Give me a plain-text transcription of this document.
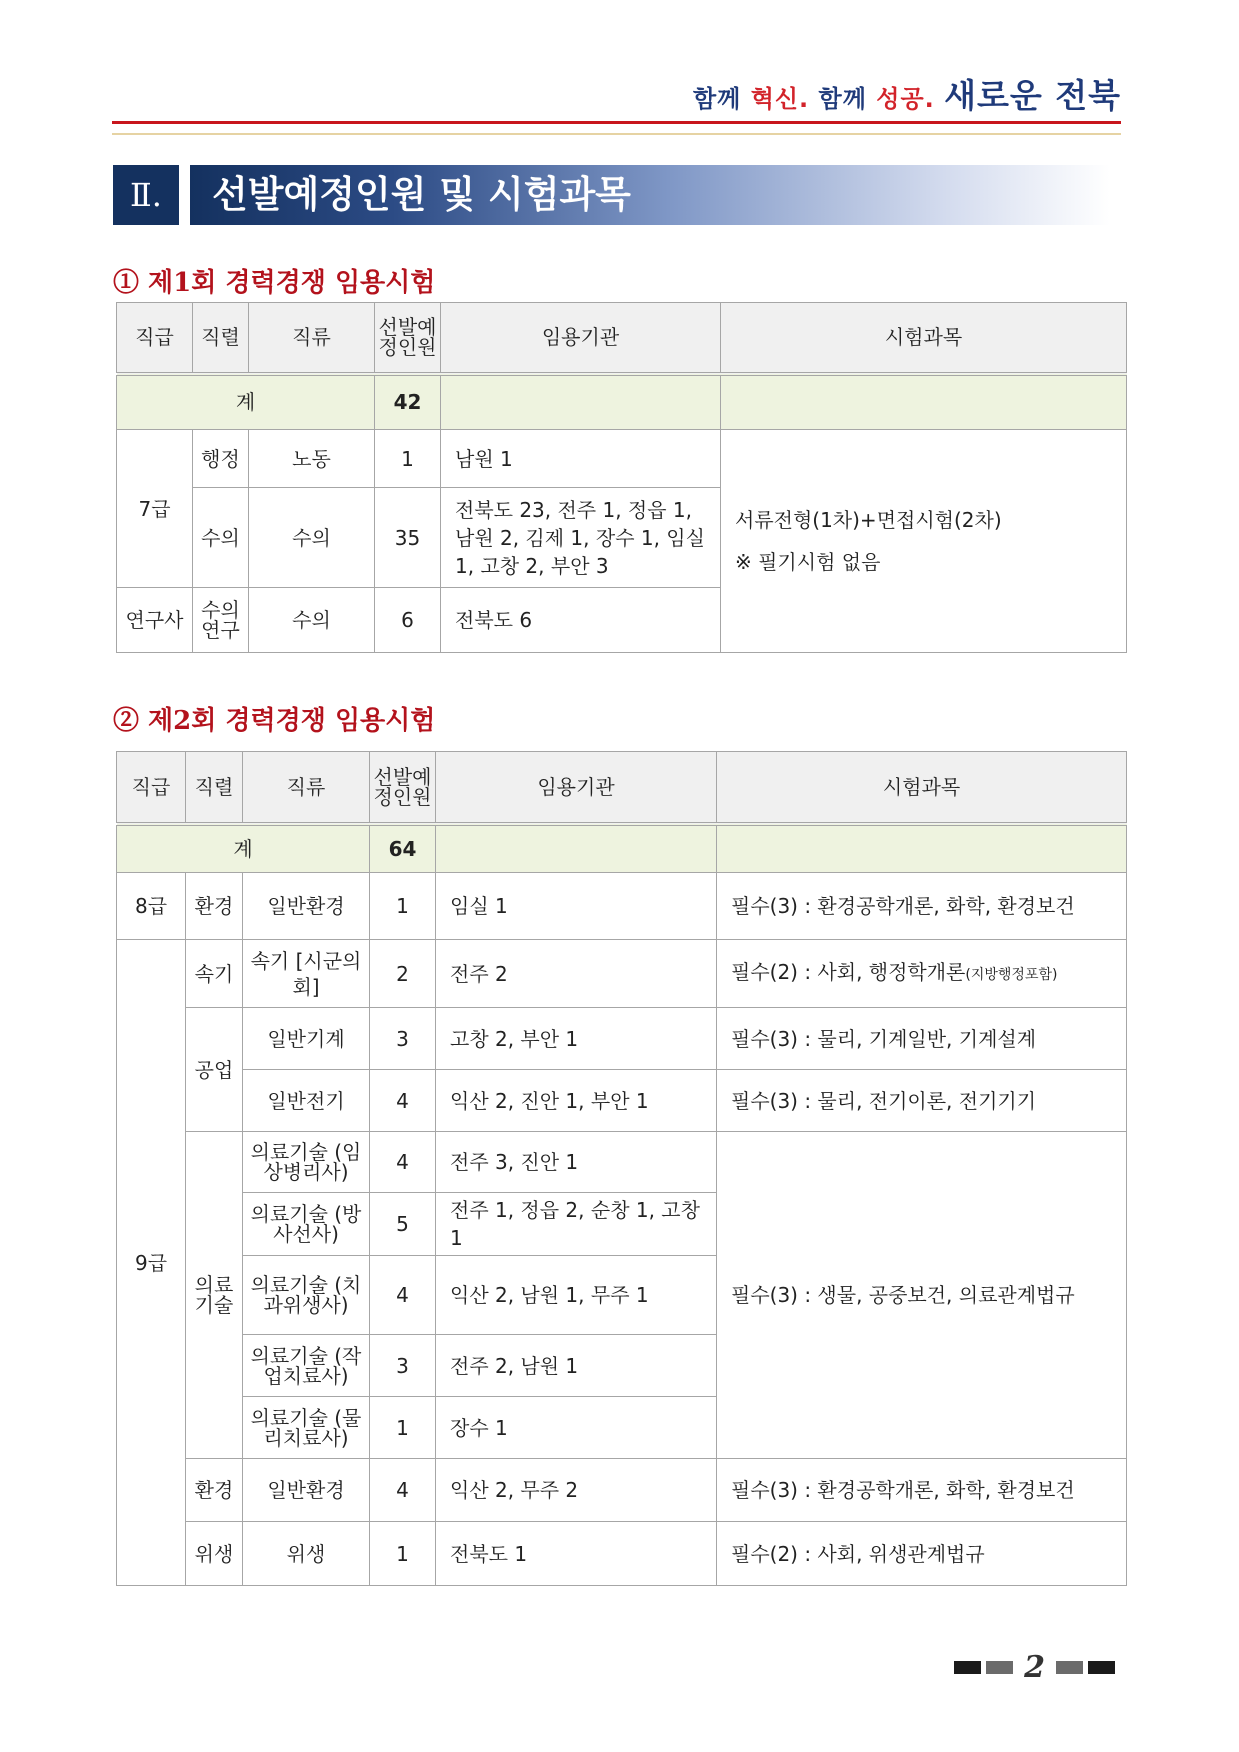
함께 혁신. 함께 성공. 새로운 전북
Ⅱ.	선발예정인원 및 시험과목
① 제1회 경력경쟁 임용시험
직급	직렬	직류	선발예정인원	임용기관	시험과목
계			42		
7급	행정	노동	1	남원 1	서류전형(1차)+면접시험(2차)
※ 필기시험 없음

	수의	수의	35	전북도 23, 전주 1, 정읍 1, 남원 2, 김제 1, 장수 1, 임실 1, 고창 2, 부안 3	
연구사	수의연구	수의	6	전북도 6	
② 제2회 경력경쟁 임용시험
직급	직렬	직류	선발예정인원	임용기관	시험과목
계			64		
8급	환경	일반환경	1	임실 1	필수(3) : 환경공학개론, 화학, 환경보건
9급	속기	속기 [시군의회]	2	전주 2	필수(2) : 사회, 행정학개론(지방행정포함)
	공업	일반기계	3	고창 2, 부안 1	필수(3) : 물리, 기계일반, 기계설계
		일반전기	4	익산 2, 진안 1, 부안 1	필수(3) : 물리, 전기이론, 전기기기
	의료기술	의료기술 (임상병리사)	4	전주 3, 진안 1	필수(3) : 생물, 공중보건, 의료관계법규
		의료기술 (방사선사)	5	전주 1, 정읍 2, 순창 1, 고창 1	
		의료기술 (치과위생사)	4	익산 2, 남원 1, 무주 1	
		의료기술 (작업치료사)	3	전주 2, 남원 1	
		의료기술 (물리치료사)	1	장수 1	
	환경	일반환경	4	익산 2, 무주 2	필수(3) : 환경공학개론, 화학, 환경보건
	위생	위생	1	전북도 1	필수(2) : 사회, 위생관계법규
2
